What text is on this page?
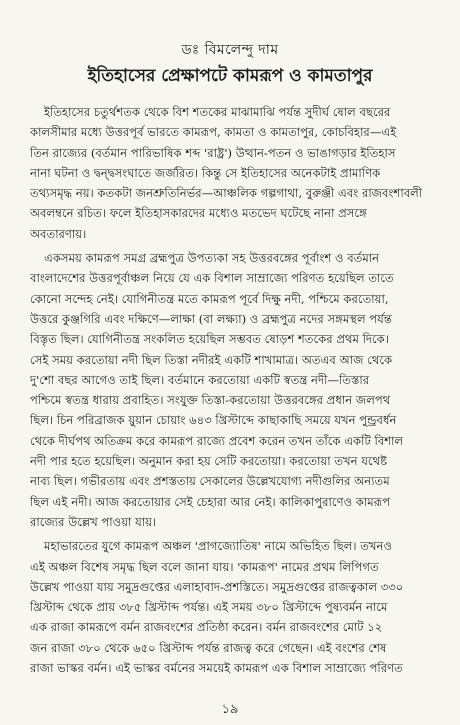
ডঃ বিমলেন্দু দাম
ইতিহাসের প্রেক্ষাপটে কামরূপ ও কামতাপুর
ইতিহাসের চতুর্থশতক থেকে বিশ শতকের মাঝামাঝি পর্যন্ত সুদীর্ঘ ষোল বছরের
কালসীমার মধ্যে উত্তরপূর্ব ভারতে কামরূপ, কামতা ও কামতাপুর, কোচবিহার—এই
তিন রাজ্যের (বর্তমান পারিভাষিক শব্দ 'রাষ্ট্র') উত্থান-পতন ও ভাঙাগড়ার ইতিহাস
নানা ঘটনা ও দ্বন্দ্বসংঘাতে জর্জরিত। কিন্তু সে ইতিহাসের অনেকটাই প্রামাণিক
তথ্যসমৃদ্ধ নয়। কতকটা জনশ্রুতিনির্ভর—আঞ্চলিক গল্পগাথা, বুরুঞ্জী এবং রাজবংশাবলী
অবলম্বনে রচিত। ফলে ইতিহাসকারদের মধ্যেও মতভেদ ঘটেছে নানা প্রসঙ্গে
অবতারণায়।
একসময় কামরূপ সমগ্র ব্রহ্মপুত্র উপত্যকা সহ উত্তরবঙ্গের পূর্বাংশ ও বর্তমান
বাংলাদেশের উত্তরপূর্বাঞ্চল নিয়ে যে এক বিশাল সাম্রাজ্যে পরিণত হয়েছিল তাতে
কোনো সন্দেহ নেই। যোগিনীতন্ত্র মতে কামরূপ পূর্বে দিক্ষু নদী, পশ্চিমে করতোয়া,
উত্তরে কুঞ্জগিরি এবং দক্ষিণে—লাক্ষা (বা লক্ষ্যা) ও ব্রহ্মপুত্র নদের সঙ্গমস্থল পর্যন্ত
বিস্তৃত ছিল। যোগিনীতন্ত্র সংকলিত হয়েছিল সম্ভবত ষোড়শ শতকের প্রথম দিকে।
সেই সময় করতোয়া নদী ছিল তিস্তা নদীরই একটি শাখামাত্র। অতএব আজ থেকে
দু'শো বছর আগেও তাই ছিল। বর্তমানে করতোয়া একটি স্বতন্ত্র নদী—তিস্তার
পশ্চিমে স্বতন্ত্র ধারায় প্রবাহিত। সংযুক্ত তিস্তা-করতোয়া উত্তরবঙ্গের প্রধান জলপথ
ছিল। চিন পরিব্রাজক য়ুয়ান চোয়াং ৬৪৩ খ্রিস্টাব্দে কাছাকাছি সময়ে যখন পুন্ড্রবর্ধন
থেকে দীর্ঘপথ অতিক্রম করে কামরূপ রাজ্যে প্রবেশ করেন তখন তাঁকে একটি বিশাল
নদী পার হতে হয়েছিল। অনুমান করা হয় সেটি করতোয়া। করতোয়া তখন যথেষ্ট
নাব্য ছিল। গভীরতায় এবং প্রশস্ততায় সেকালের উল্লেখযোগ্য নদীগুলির অন্যতম
ছিল এই নদী। আজ করতোয়ার সেই চেহারা আর নেই। কালিকাপুরাণেও কামরূপ
রাজ্যের উল্লেখ পাওয়া যায়।
মহাভারতের যুগে কামরূপ অঞ্চল 'প্রাগজ্যোতিষ' নামে অভিহিত ছিল। তখনও
এই অঞ্চল বিশেষ সমৃদ্ধ ছিল বলে জানা যায়। 'কামরূপ' নামের প্রথম লিপিগত
উল্লেখ পাওয়া যায় সমুদ্রগুপ্তের এলাহাবাদ-প্রশস্তিতে। সমুদ্রগুপ্তের রাজত্বকাল ৩৩০
খ্রিস্টাব্দ থেকে প্রায় ৩৮৫ খ্রিস্টাব্দ পর্যন্ত। এই সময় ৩৮০ খ্রিস্টাব্দে পুষ্যবর্মন নামে
এক রাজা কামরূপে বর্মন রাজবংশের প্রতিষ্ঠা করেন। বর্মন রাজবংশের মোট ১২
জন রাজা ৩৮০ থেকে ৬৫০ খ্রিস্টাব্দ পর্যন্ত রাজত্ব করে গেছেন। এই বংশের শেষ
রাজা ভাস্কর বর্মন। এই ভাস্কর বর্মনের সময়েই কামরূপ এক বিশাল সাম্রাজ্যে পরিণত
১৯
